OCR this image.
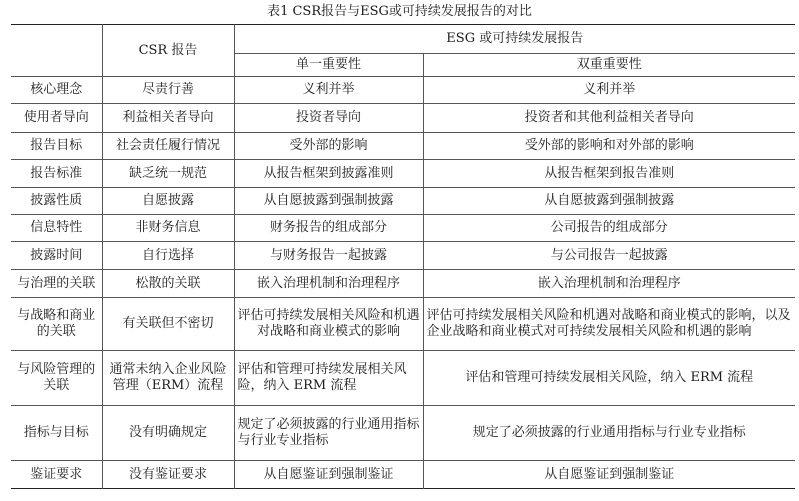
表1 CSR报告与ESG或可持续发展报告的对比
	CSR 报告	ESG 或可持续发展报告	
		单一重要性	双重重要性
核心理念	尽责行善	义利并举	义利并举
使用者导向	利益相关者导向	投资者导向	投资者和其他利益相关者导向
报告目标	社会责任履行情况	受外部的影响	受外部的影响和对外部的影响
报告标准	缺乏统一规范	从报告框架到披露准则	从报告框架到报告准则
披露性质	自愿披露	从自愿披露到强制披露	从自愿披露到强制披露
信息特性	非财务信息	财务报告的组成部分	公司报告的组成部分
披露时间	自行选择	与财务报告一起披露	与公司报告一起披露
与治理的关联	松散的关联	嵌入治理机制和治理程序	嵌入治理机制和治理程序
与战略和商业的关联	有关联但不密切	评估可持续发展相关风险和机遇对战略和商业模式的影响	评估可持续发展相关风险和机遇对战略和商业模式的影响，以及企业战略和商业模式对可持续发展相关风险和机遇的影响
与风险管理的关联	通常未纳入企业风险管理（ERM）流程	评估和管理可持续发展相关风险，纳入 ERM 流程	评估和管理可持续发展相关风险，纳入 ERM 流程
指标与目标	没有明确规定	规定了必须披露的行业通用指标与行业专业指标	规定了必须披露的行业通用指标与行业专业指标
鉴证要求	没有鉴证要求	从自愿鉴证到强制鉴证	从自愿鉴证到强制鉴证
